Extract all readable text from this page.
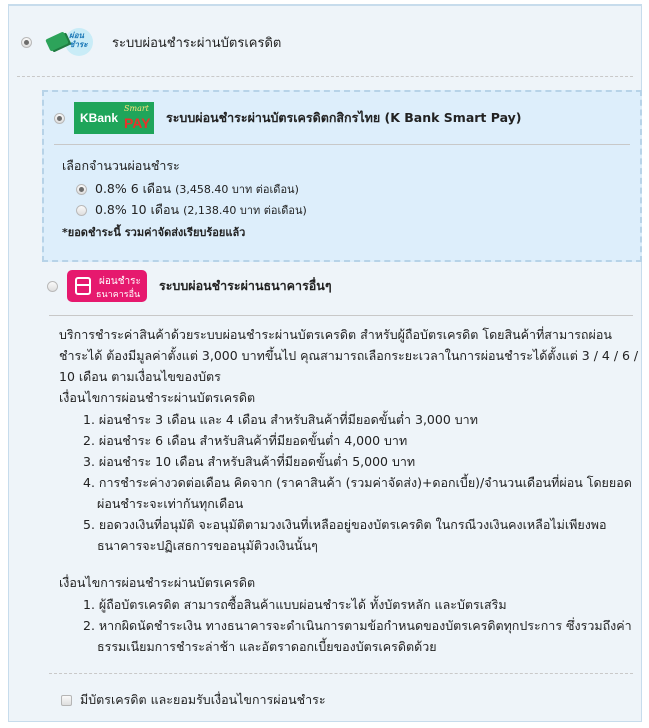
ผ่อน ชำระ	ระบบผ่อนชำระผ่านบัตรเครดิต
KBank
Smart
PAY ระบบผ่อนชำระผ่านบัตรเครดิตกสิกรไทย (K Bank Smart Pay)
เลือกจำนวนผ่อนชำระ
0.8% 6 เดือน (3,458.40 บาท ต่อเดือน)
0.8% 10 เดือน (2,138.40 บาท ต่อเดือน)
*ยอดชำระนี้ รวมค่าจัดส่งเรียบร้อยแล้ว
ผ่อนชำระ
ธนาคารอื่น
ระบบผ่อนชำระผ่านธนาคารอื่นๆ
บริการชำระค่าสินค้าด้วยระบบผ่อนชำระผ่านบัตรเครดิต สำหรับผู้ถือบัตรเครดิต โดยสินค้าที่สามารถผ่อนชำระได้ ต้องมีมูลค่าตั้งแต่ 3,000 บาทขึ้นไป คุณสามารถเลือกระยะเวลาในการผ่อนชำระได้ตั้งแต่ 3 / 4 / 6 / 10 เดือน ตามเงื่อนไขของบัตร
เงื่อนไขการผ่อนชำระผ่านบัตรเครดิต
1. ผ่อนชำระ 3 เดือน และ 4 เดือน สำหรับสินค้าที่มียอดขั้นต่ำ 3,000 บาท
2. ผ่อนชำระ 6 เดือน สำหรับสินค้าที่มียอดขั้นต่ำ 4,000 บาท
3. ผ่อนชำระ 10 เดือน สำหรับสินค้าที่มียอดขั้นต่ำ 5,000 บาท
4. การชำระค่างวดต่อเดือน คิดจาก (ราคาสินค้า (รวมค่าจัดส่ง)+ดอกเบี้ย)/จำนวนเดือนที่ผ่อน โดยยอดผ่อนชำระจะเท่ากันทุกเดือน
5. ยอดวงเงินที่อนุมัติ จะอนุมัติตามวงเงินที่เหลืออยู่ของบัตรเครดิต ในกรณีวงเงินคงเหลือไม่เพียงพอธนาคารจะปฏิเสธการขออนุมัติวงเงินนั้นๆ
เงื่อนไขการผ่อนชำระผ่านบัตรเครดิต
1. ผู้ถือบัตรเครดิต สามารถซื้อสินค้าแบบผ่อนชำระได้ ทั้งบัตรหลัก และบัตรเสริม
2. หากผิดนัดชำระเงิน ทางธนาคารจะดำเนินการตามข้อกำหนดของบัตรเครดิตทุกประการ ซึ่งรวมถึงค่าธรรมเนียมการชำระล่าช้า และอัตราดอกเบี้ยของบัตรเครดิตด้วย
มีบัตรเครดิต และยอมรับเงื่อนไขการผ่อนชำระ
